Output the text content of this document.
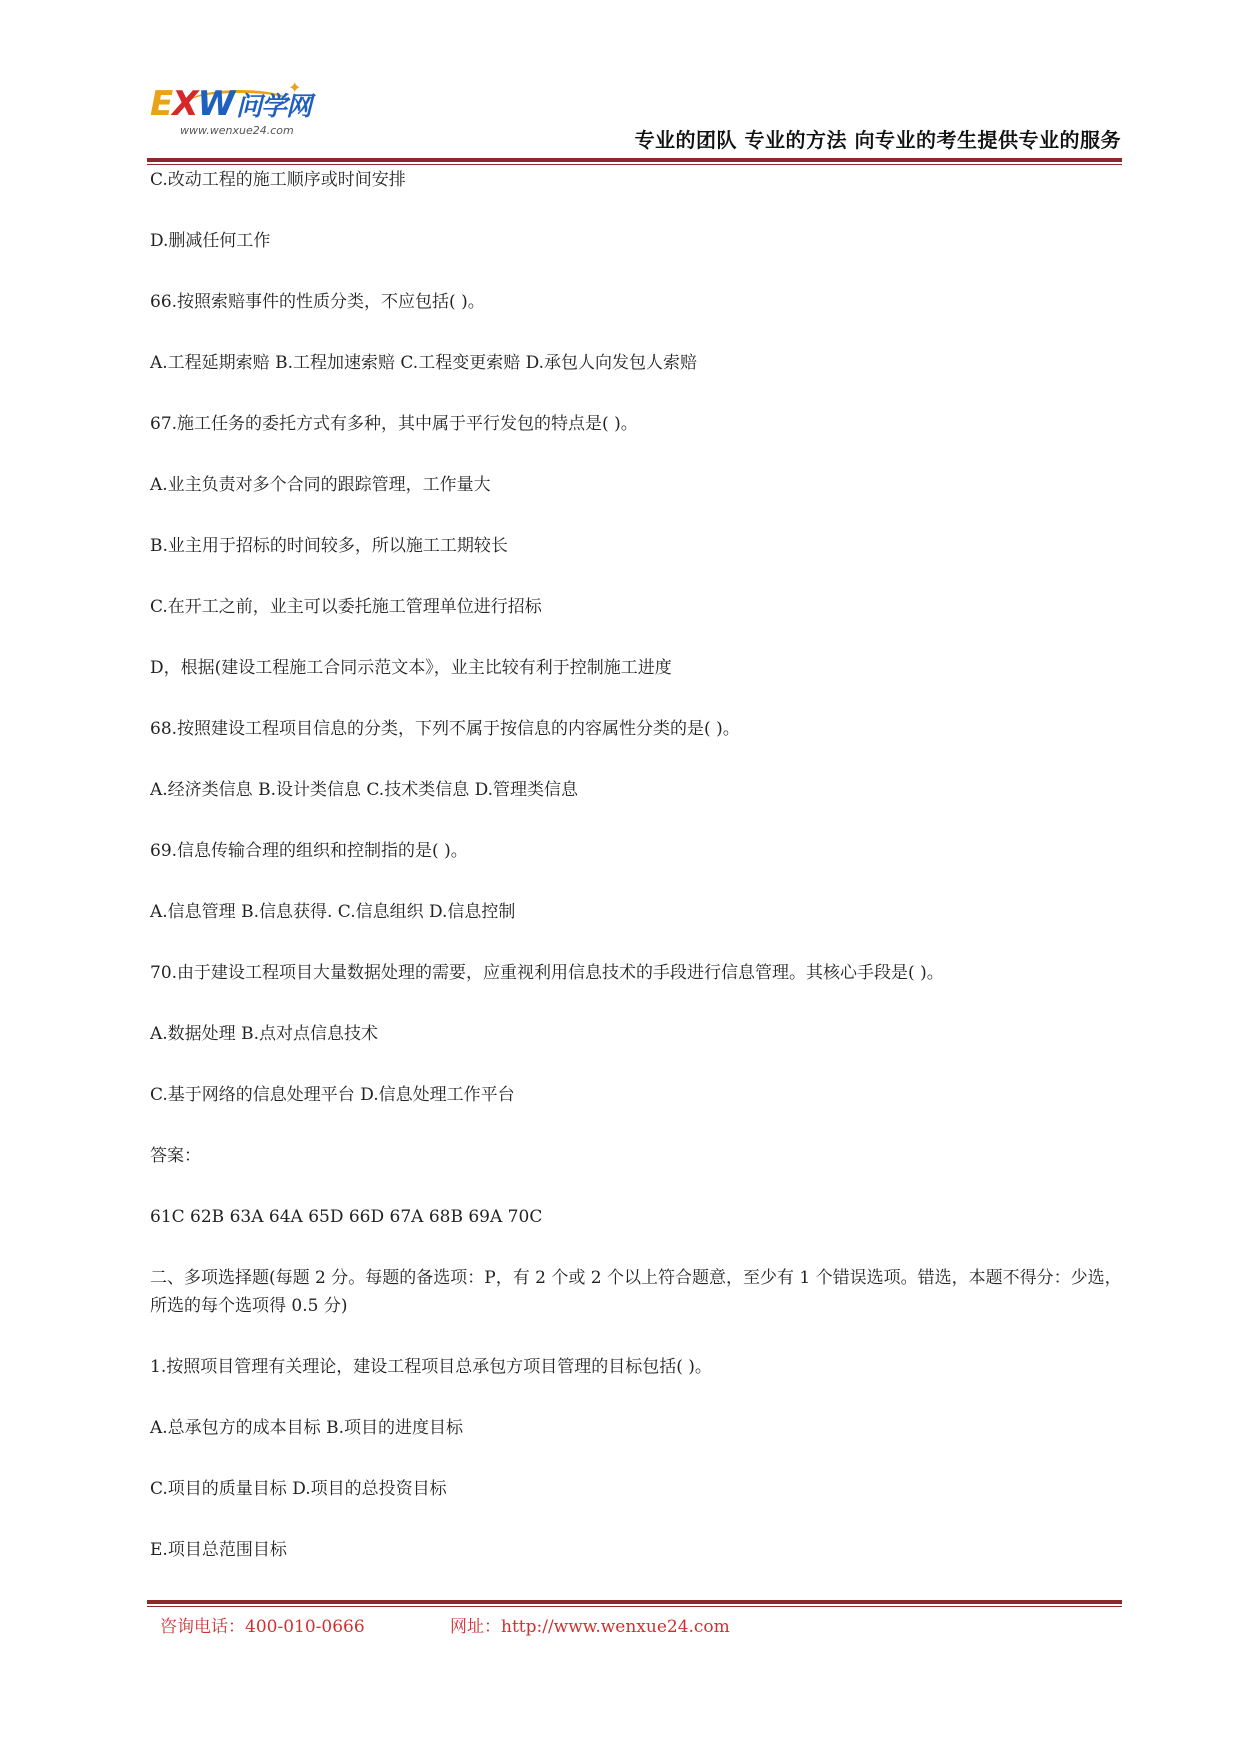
✦
EXW问学网
www.wenxue24.com	专业的团队 专业的方法 向专业的考生提供专业的服务

C.改动工程的施工顺序或时间安排

D.删减任何工作

66.按照索赔事件的性质分类，不应包括( )。

A.工程延期索赔 B.工程加速索赔 C.工程变更索赔 D.承包人向发包人索赔

67.施工任务的委托方式有多种，其中属于平行发包的特点是( )。

A.业主负责对多个合同的跟踪管理，工作量大

B.业主用于招标的时间较多，所以施工工期较长

C.在开工之前，业主可以委托施工管理单位进行招标

D，根据(建设工程施工合同示范文本》，业主比较有利于控制施工进度

68.按照建设工程项目信息的分类，下列不属于按信息的内容属性分类的是( )。

A.经济类信息 B.设计类信息 C.技术类信息 D.管理类信息

69.信息传输合理的组织和控制指的是( )。

A.信息管理 B.信息获得. C.信息组织 D.信息控制

70.由于建设工程项目大量数据处理的需要，应重视利用信息技术的手段进行信息管理。其核心手段是( )。

A.数据处理 B.点对点信息技术

C.基于网络的信息处理平台 D.信息处理工作平台

答案：

61C 62B 63A 64A 65D 66D 67A 68B 69A 70C

二、多项选择题(每题 2 分。每题的备选项：P，有 2 个或 2 个以上符合题意，至少有 1 个错误选项。错选，本题不得分：少选，所选的每个选项得 0.5 分)

1.按照项目管理有关理论，建设工程项目总承包方项目管理的目标包括( )。

A.总承包方的成本目标 B.项目的进度目标

C.项目的质量目标 D.项目的总投资目标

E.项目总范围目标

咨询电话：400-010-0666	网址：http://www.wenxue24.com
